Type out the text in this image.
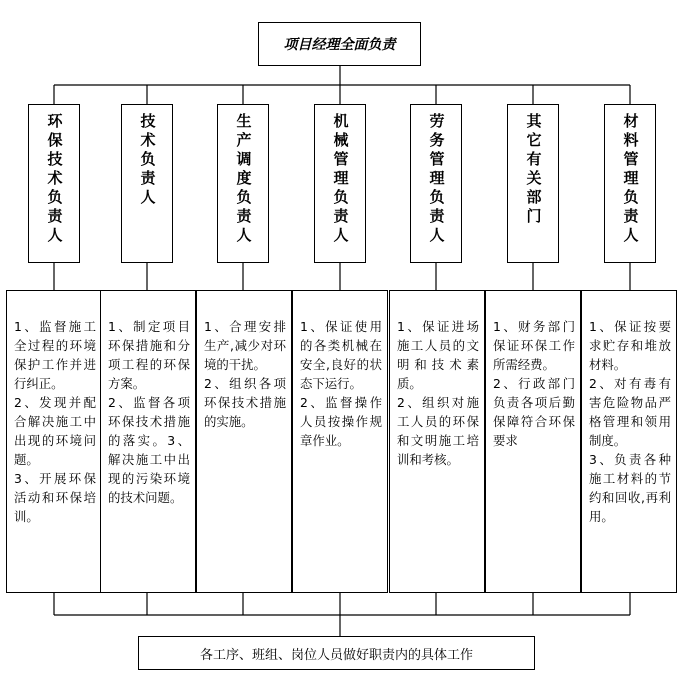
项目经理全面负责
环保技术负责人	技术负责人	生产调度负责人	机械管理负责人	劳务管理负责人	其它有关部门	材料管理负责人

1、监督施工全过程的环境保护工作并进行纠正。
2、发现并配合解决施工中出现的环境问题。
3、开展环保活动和环保培训。

1、制定项目环保措施和分项工程的环保方案。
2、监督各项环保技术措施的落实。3、解决施工中出现的污染环境的技术问题。

1、合理安排生产,减少对环境的干扰。
2、组织各项环保技术措施的实施。

1、保证使用的各类机械在安全,良好的状态下运行。
2、监督操作人员按操作规章作业。

1、保证进场施工人员的文明和技术素质。
2、组织对施工人员的环保和文明施工培训和考核。

1、财务部门保证环保工作所需经费。
2、行政部门负责各项后勤保障符合环保要求

1、保证按要求贮存和堆放材料。
2、对有毒有害危险物品严格管理和领用制度。
3、负责各种施工材料的节约和回收,再利用。

各工序、班组、岗位人员做好职责内的具体工作
